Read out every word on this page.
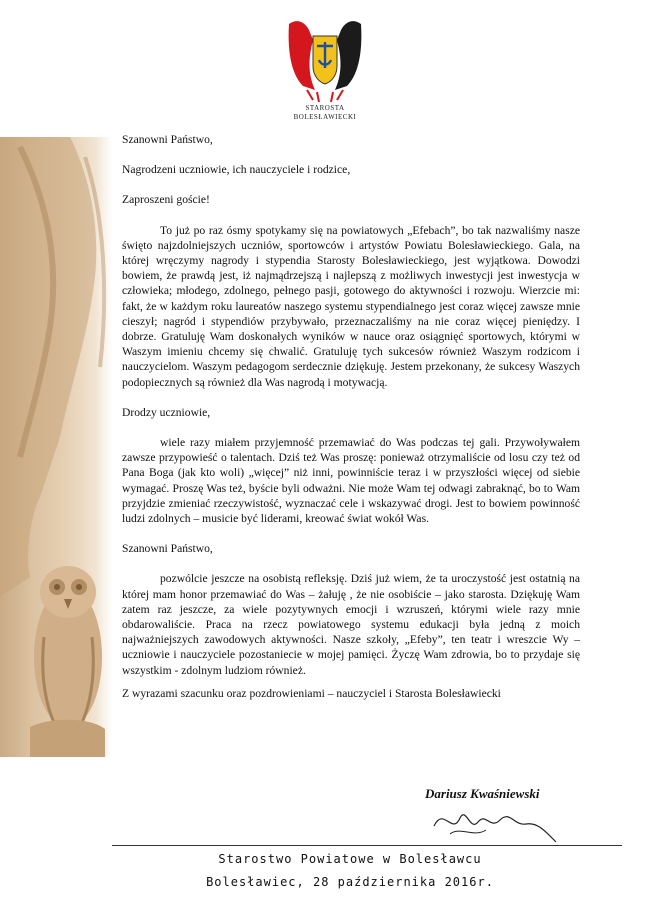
STAROSTA
BOLESŁAWIECKI

Szanowni Państwo,

Nagrodzeni uczniowie, ich nauczyciele i rodzice,

Zaproszeni goście!

To już po raz ósmy spotykamy się na powiatowych „Efebach”, bo tak nazwaliśmy nasze święto najzdolniejszych uczniów, sportowców i artystów Powiatu Bolesławieckiego. Gala, na której wręczymy nagrody i stypendia Starosty Bolesławieckiego, jest wyjątkowa. Dowodzi bowiem, że prawdą jest, iż najmądrzejszą i najlepszą z możliwych inwestycji jest inwestycja w człowieka; młodego, zdolnego, pełnego pasji, gotowego do aktywności i rozwoju. Wierzcie mi: fakt, że w każdym roku laureatów naszego systemu stypendialnego jest coraz więcej zawsze mnie cieszył; nagród i stypendiów przybywało, przeznaczaliśmy na nie coraz więcej pieniędzy. I dobrze. Gratuluję Wam doskonałych wyników w nauce oraz osiągnięć sportowych, którymi w Waszym imieniu chcemy się chwalić. Gratuluję tych sukcesów również Waszym rodzicom i nauczycielom. Waszym pedagogom serdecznie dziękuję. Jestem przekonany, że sukcesy Waszych podopiecznych są również dla Was nagrodą i motywacją.

Drodzy uczniowie,

wiele razy miałem przyjemność przemawiać do Was podczas tej gali. Przywoływałem zawsze przypowieść o talentach. Dziś też Was proszę: ponieważ otrzymaliście od losu czy też od Pana Boga (jak kto woli) „więcej” niż inni, powinniście teraz i w przyszłości więcej od siebie wymagać. Proszę Was też, byście byli odważni. Nie może Wam tej odwagi zabraknąć, bo to Wam przyjdzie zmieniać rzeczywistość, wyznaczać cele i wskazywać drogi. Jest to bowiem powinność ludzi zdolnych – musicie być liderami, kreować świat wokół Was.

Szanowni Państwo,

pozwólcie jeszcze na osobistą refleksję. Dziś już wiem, że ta uroczystość jest ostatnią na której mam honor przemawiać do Was – żałuję , że nie osobiście – jako starosta. Dziękuję Wam zatem raz jeszcze, za wiele pozytywnych emocji i wzruszeń, którymi wiele razy mnie obdarowaliście. Praca na rzecz powiatowego systemu edukacji była jedną z moich najważniejszych zawodowych aktywności. Nasze szkoły, „Efeby”, ten teatr i wreszcie Wy – uczniowie i nauczyciele pozostaniecie w mojej pamięci. Życzę Wam zdrowia, bo to przydaje się wszystkim - zdolnym ludziom również.

Z wyrazami szacunku oraz pozdrowieniami – nauczyciel i Starosta Bolesławiecki

Dariusz Kwaśniewski
Starostwo Powiatowe w Bolesławcu
Bolesławiec, 28 października 2016r.
